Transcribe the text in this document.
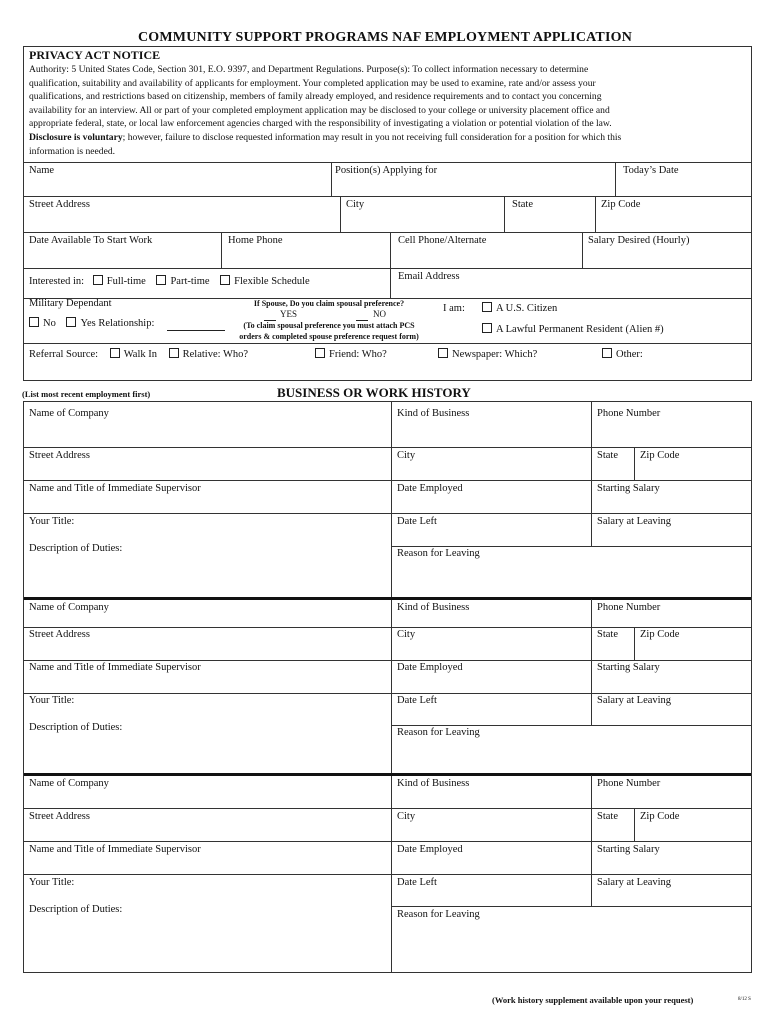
COMMUNITY SUPPORT PROGRAMS NAF EMPLOYMENT APPLICATION
PRIVACY ACT NOTICE
Authority: 5 United States Code, Section 301, E.O. 9397, and Department Regulations. Purpose(s): To collect information necessary to determine
qualification, suitability and availability of applicants for employment. Your completed application may be used to examine, rate and/or assess your
qualifications, and restrictions based on citizenship, members of family already employed, and residence requirements and to contact you concerning
availability for an interview. All or part of your completed employment application may be disclosed to your college or university placement office and
appropriate federal, state, or local law enforcement agencies charged with the responsibility of investigating a violation or potential violation of the law.
Disclosure is voluntary; however, failure to disclose requested information may result in you not receiving full consideration for a position for which this
information is needed.
Name	Position(s) Applying for	Today’s Date
Street Address	City	State	Zip Code
Date Available To Start Work	Home Phone	Cell Phone/Alternate	Salary Desired (Hourly)
Interested in: Full-time Part-time Flexible Schedule	Email Address
Military Dependant
No Yes Relationship:
If Spouse, Do you claim spousal preference?
YES	NO
(To claim spousal preference you must attach PCS
orders & completed spouse preference request form)
I am:	A U.S. Citizen
A Lawful Permanent Resident (Alien #)
Referral Source: Walk In Relative: Who?	Friend: Who?	Newspaper: Which?	Other:
(List most recent employment first)	BUSINESS OR WORK HISTORY
Name of Company	Kind of Business	Phone Number
Street Address	City	State Zip Code
Name and Title of Immediate Supervisor	Date Employed	Starting Salary
Your Title:	Date Left	Salary at Leaving
Description of Duties:	Reason for Leaving
Name of Company	Kind of Business	Phone Number
Street Address	City	State Zip Code
Name and Title of Immediate Supervisor	Date Employed	Starting Salary
Your Title:	Date Left	Salary at Leaving
Description of Duties:	Reason for Leaving
Name of Company	Kind of Business	Phone Number
Street Address	City	State Zip Code
Name and Title of Immediate Supervisor	Date Employed	Starting Salary
Your Title:	Date Left	Salary at Leaving
Description of Duties:	Reason for Leaving
(Work history supplement available upon your request)	8/12 S
